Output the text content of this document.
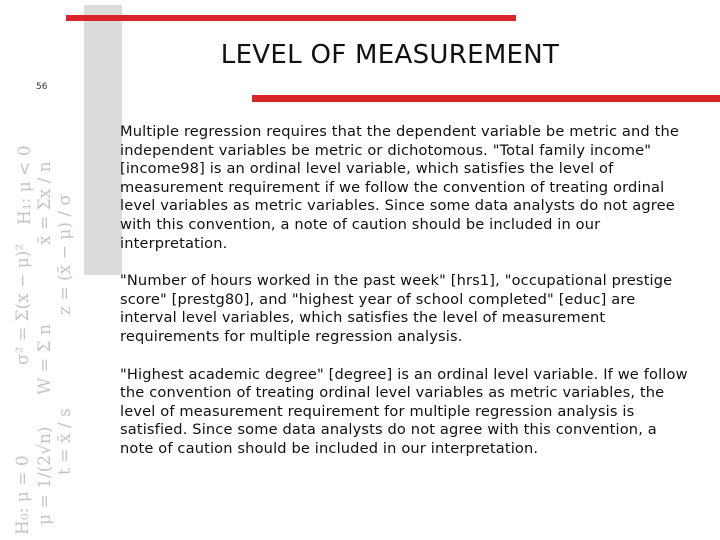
LEVEL OF MEASUREMENT
56
H₀: μ = 0
H₁: μ < 0 x̄ = Σx / n z = (x̄ − μ) / σ
σ² = Σ(x − μ)² W = Σ n
t = x̄ / s
μ = 1/(2√n)

Multiple regression requires that the dependent variable be metric and the independent variables be metric or dichotomous. "Total family income" [income98] is an ordinal level variable, which satisfies the level of measurement requirement if we follow the convention of treating ordinal level variables as metric variables. Since some data analysts do not agree with this convention, a note of caution should be included in our interpretation.

"Number of hours worked in the past week" [hrs1], "occupational prestige score" [prestg80], and "highest year of school completed" [educ] are interval level variables, which satisfies the level of measurement requirements for multiple regression analysis.

"Highest academic degree" [degree] is an ordinal level variable. If we follow the convention of treating ordinal level variables as metric variables, the level of measurement requirement for multiple regression analysis is satisfied. Since some data analysts do not agree with this convention, a note of caution should be included in our interpretation.
